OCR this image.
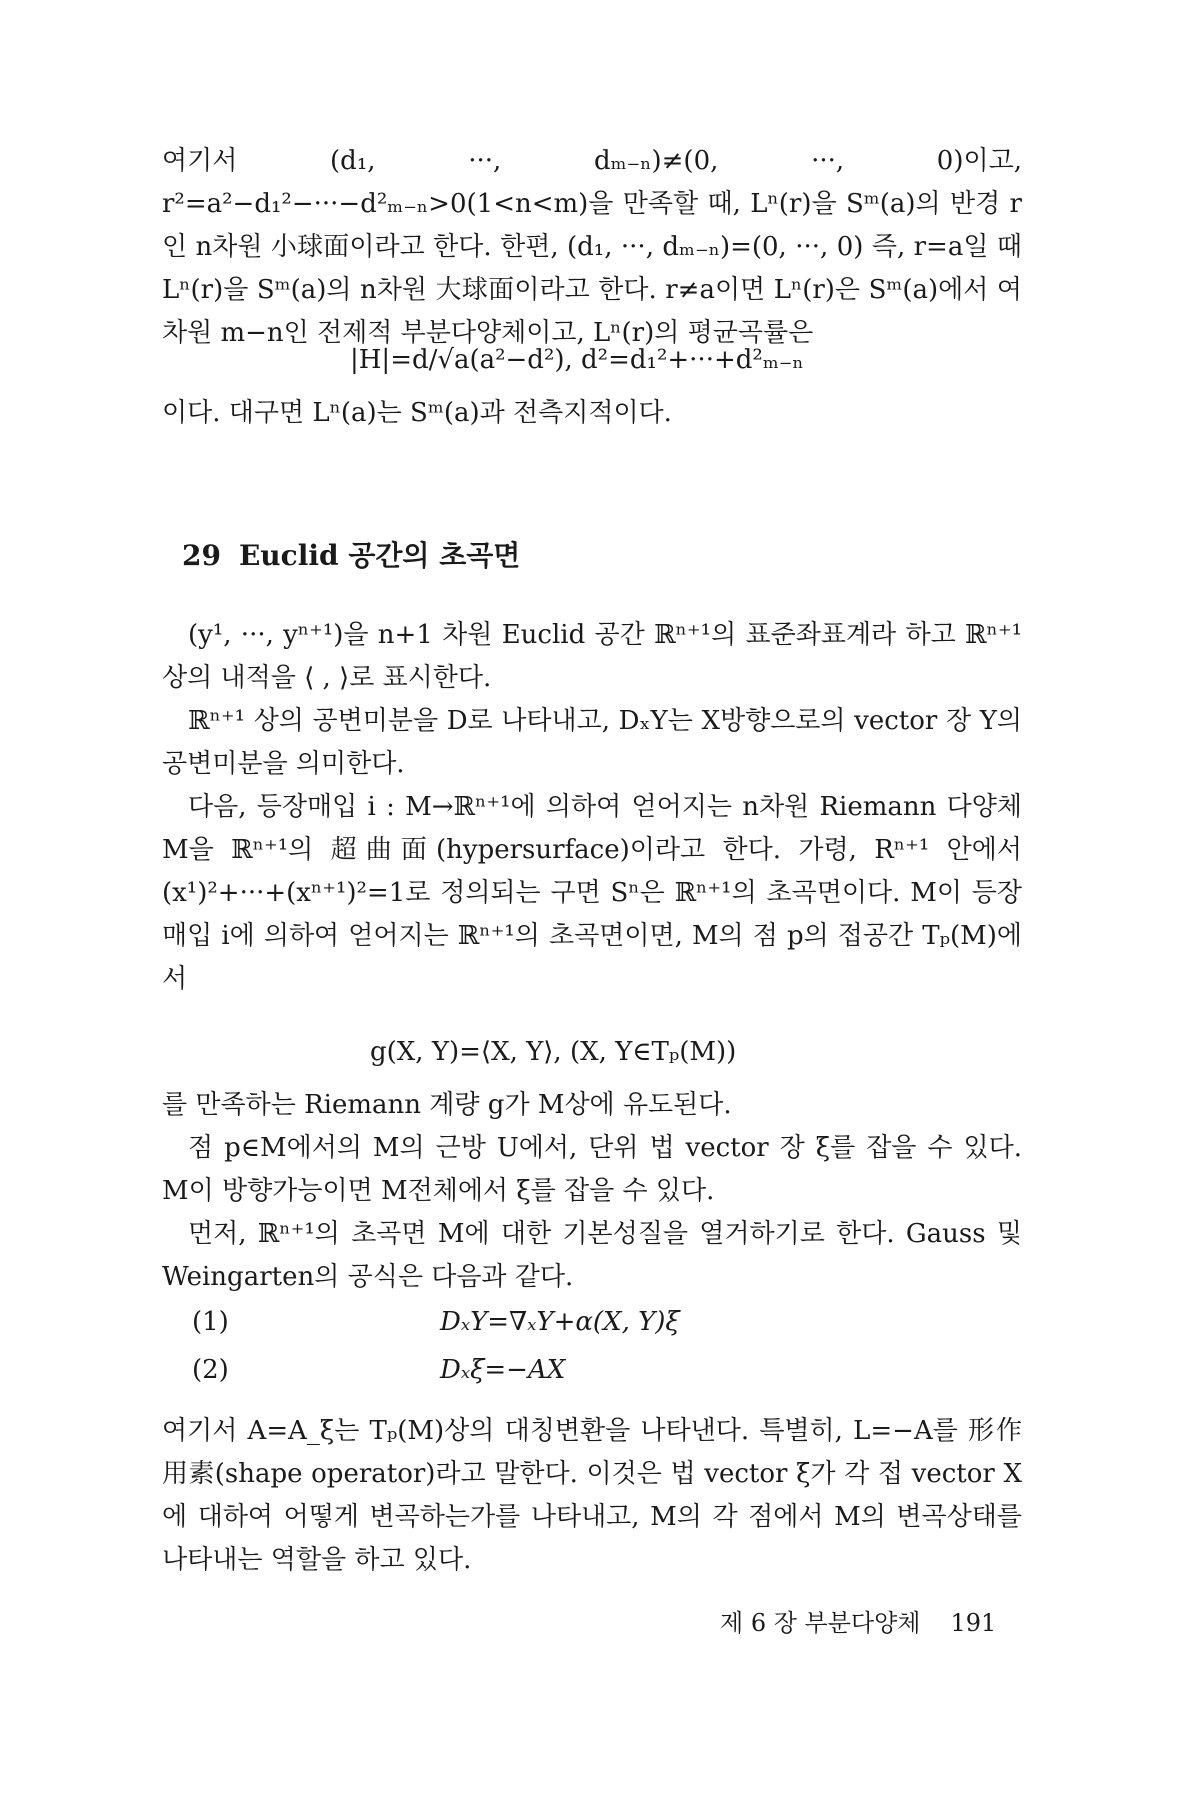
여기서 (d₁, ···, dₘ₋ₙ)≠(0, ···, 0)이고, r²=a²−d₁²−···−d²ₘ₋ₙ>0(1<n<m)을 만족할 때, Lⁿ(r)을 Sᵐ(a)의 반경 r인 n차원 小球面이라고 한다. 한편, (d₁, ···, dₘ₋ₙ)=(0, ···, 0) 즉, r=a일 때 Lⁿ(r)을 Sᵐ(a)의 n차원 大球面이라고 한다. r≠a이면 Lⁿ(r)은 Sᵐ(a)에서 여차원 m−n인 전제적 부분다양체이고, Lⁿ(r)의 평균곡률은

|H|=d/√a(a²−d²), d²=d₁²+···+d²ₘ₋ₙ

이다. 대구면 Lⁿ(a)는 Sᵐ(a)과 전측지적이다.

29 Euclid 공간의 초곡면

(y¹, ···, yⁿ⁺¹)을 n+1 차원 Euclid 공간 ℝⁿ⁺¹의 표준좌표계라 하고 ℝⁿ⁺¹ 상의 내적을 ⟨ , ⟩로 표시한다.

ℝⁿ⁺¹ 상의 공변미분을 D로 나타내고, DₓY는 X방향으로의 vector 장 Y의 공변미분을 의미한다.

다음, 등장매입 i : M→ℝⁿ⁺¹에 의하여 얻어지는 n차원 Riemann 다양체 M을 ℝⁿ⁺¹의 超曲面(hypersurface)이라고 한다. 가령, Rⁿ⁺¹ 안에서 (x¹)²+···+(xⁿ⁺¹)²=1로 정의되는 구면 Sⁿ은 ℝⁿ⁺¹의 초곡면이다. M이 등장매입 i에 의하여 얻어지는 ℝⁿ⁺¹의 초곡면이면, M의 점 p의 접공간 Tₚ(M)에서

g(X, Y)=⟨X, Y⟩, (X, Y∈Tₚ(M))

를 만족하는 Riemann 계량 g가 M상에 유도된다.

점 p∈M에서의 M의 근방 U에서, 단위 법 vector 장 ξ를 잡을 수 있다. M이 방향가능이면 M전체에서 ξ를 잡을 수 있다.

먼저, ℝⁿ⁺¹의 초곡면 M에 대한 기본성질을 열거하기로 한다. Gauss 및 Weingarten의 공식은 다음과 같다.

(1)	DₓY=∇ₓY+α(X, Y)ξ
(2)	Dₓξ=−AX

여기서 A=A_ξ는 Tₚ(M)상의 대칭변환을 나타낸다. 특별히, L=−A를 形作用素(shape operator)라고 말한다. 이것은 법 vector ξ가 각 접 vector X에 대하여 어떻게 변곡하는가를 나타내고, M의 각 점에서 M의 변곡상태를 나타내는 역할을 하고 있다.

제 6 장 부분다양체 191
